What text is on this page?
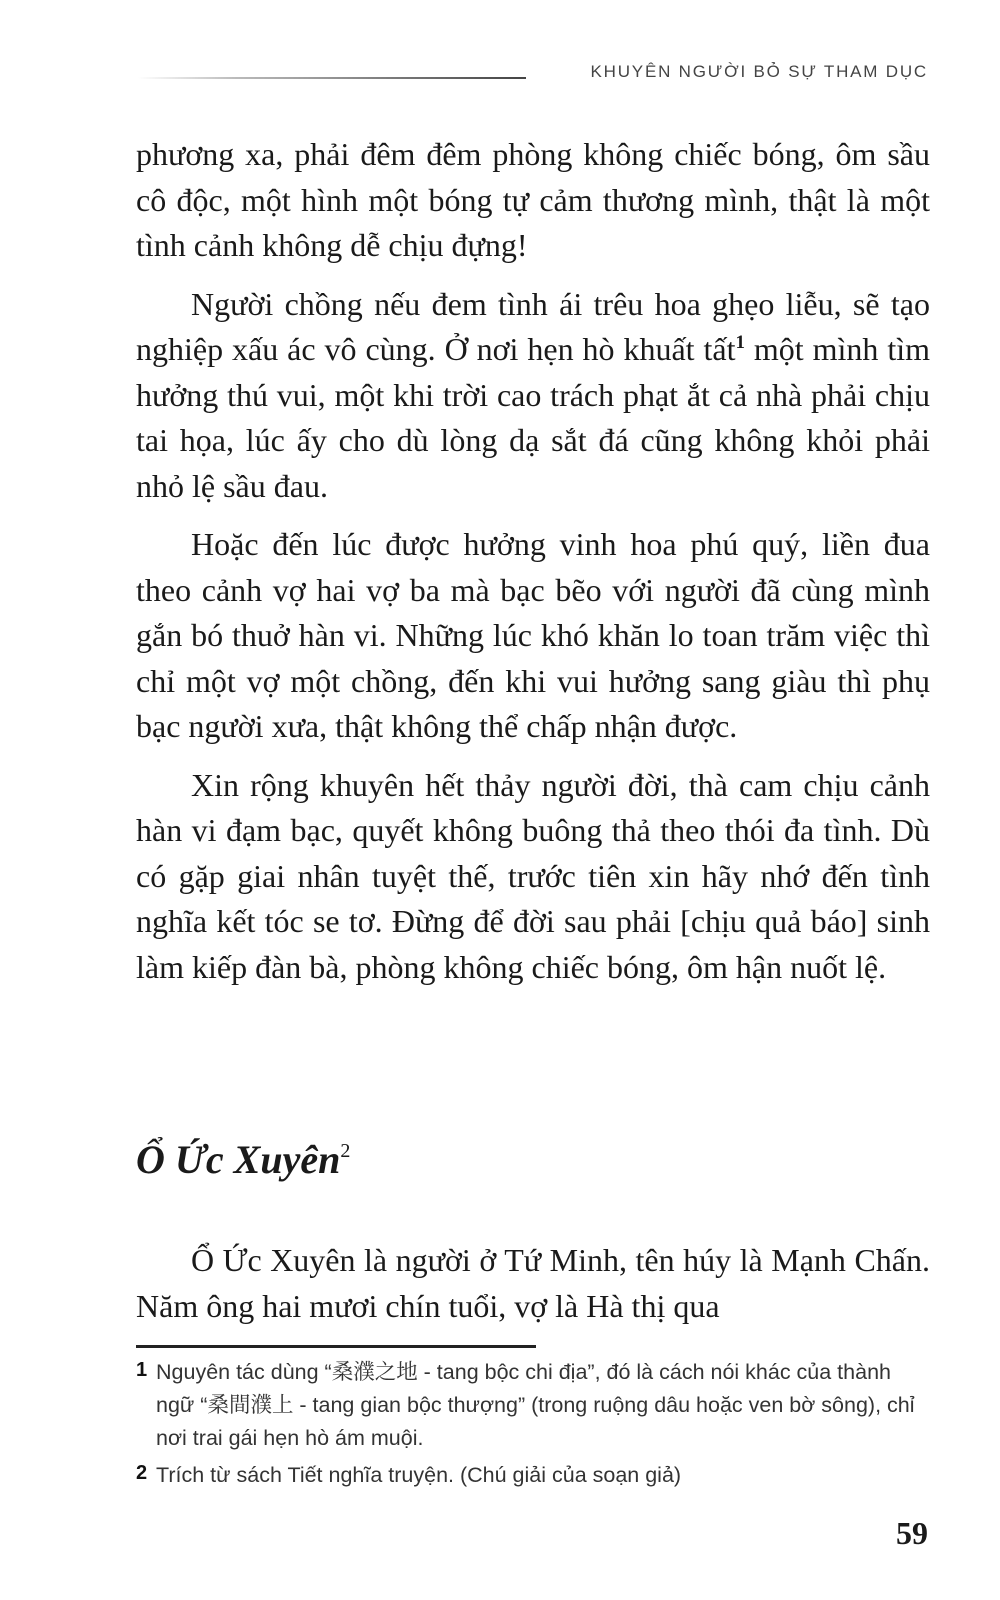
KHUYÊN NGƯỜI BỎ SỰ THAM DỤC

phương xa, phải đêm đêm phòng không chiếc bóng, ôm sầu cô độc, một hình một bóng tự cảm thương mình, thật là một tình cảnh không dễ chịu đựng!

Người chồng nếu đem tình ái trêu hoa ghẹo liễu, sẽ tạo nghiệp xấu ác vô cùng. Ở nơi hẹn hò khuất tất$^1$ một mình tìm hưởng thú vui, một khi trời cao trách phạt ắt cả nhà phải chịu tai họa, lúc ấy cho dù lòng dạ sắt đá cũng không khỏi phải nhỏ lệ sầu đau.

Hoặc đến lúc được hưởng vinh hoa phú quý, liền đua theo cảnh vợ hai vợ ba mà bạc bẽo với người đã cùng mình gắn bó thuở hàn vi. Những lúc khó khăn lo toan trăm việc thì chỉ một vợ một chồng, đến khi vui hưởng sang giàu thì phụ bạc người xưa, thật không thể chấp nhận được.

Xin rộng khuyên hết thảy người đời, thà cam chịu cảnh hàn vi đạm bạc, quyết không buông thả theo thói đa tình. Dù có gặp giai nhân tuyệt thế, trước tiên xin hãy nhớ đến tình nghĩa kết tóc se tơ. Đừng để đời sau phải [chịu quả báo] sinh làm kiếp đàn bà, phòng không chiếc bóng, ôm hận nuốt lệ.

Ổ Ức Xuyên$^2$

Ổ Ức Xuyên là người ở Tứ Minh, tên húy là Mạnh Chấn. Năm ông hai mươi chín tuổi, vợ là Hà thị qua

1 Nguyên tác dùng “桑濮之地 - tang bộc chi địa”, đó là cách nói khác của thành ngữ “桑間濮上 - tang gian bộc thượng” (trong ruộng dâu hoặc ven bờ sông), chỉ nơi trai gái hẹn hò ám muội.

2 Trích từ sách Tiết nghĩa truyện. (Chú giải của soạn giả)

59
